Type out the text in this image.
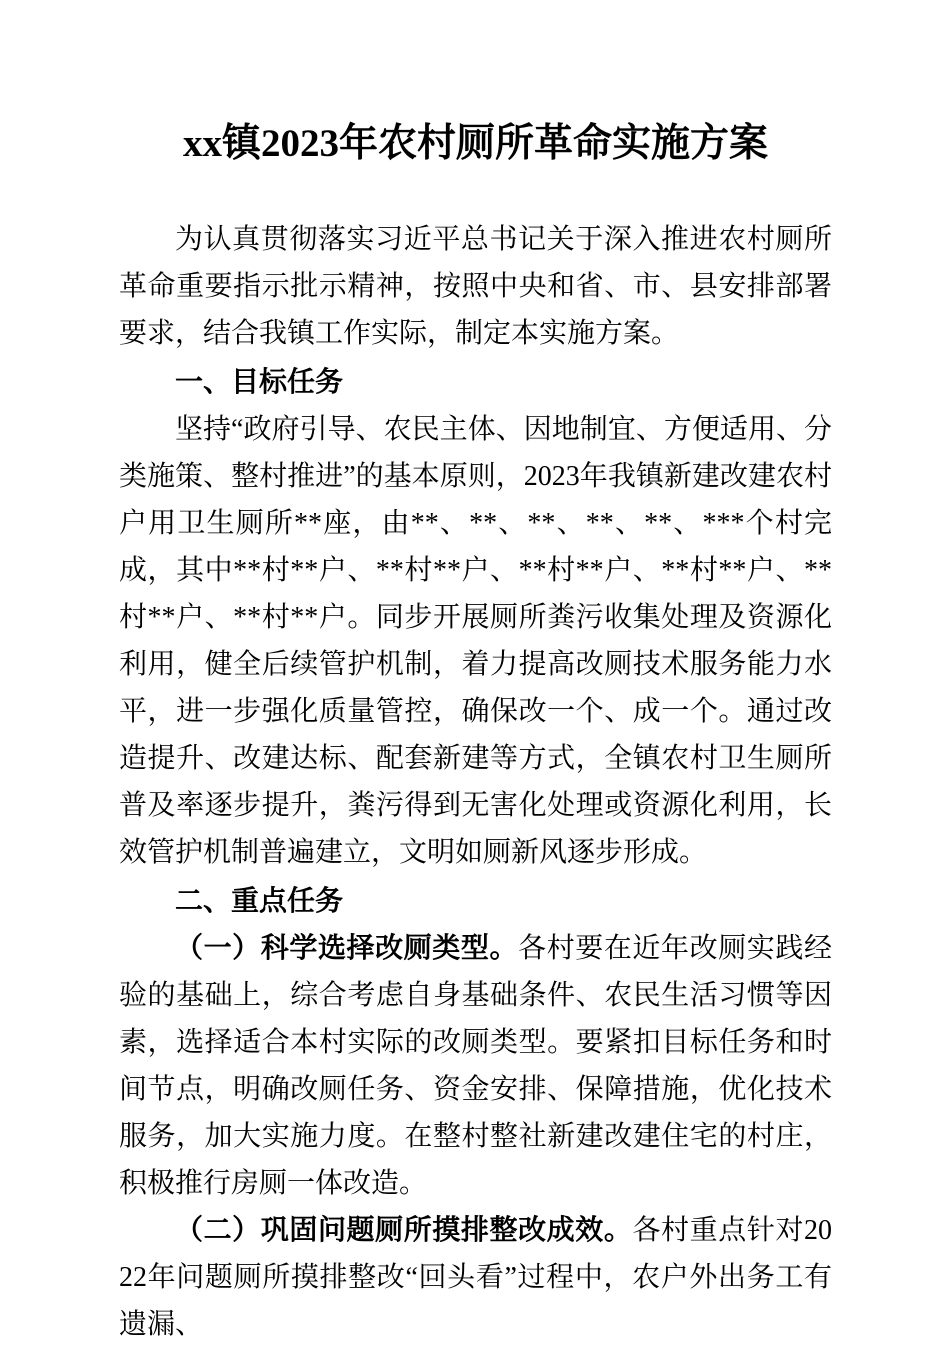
xx镇2023年农村厕所革命实施方案

为认真贯彻落实习近平总书记关于深入推进农村厕所革命重要指示批示精神，按照中央和省、市、县安排部署要求，结合我镇工作实际，制定本实施方案。

一、目标任务

坚持“政府引导、农民主体、因地制宜、方便适用、分类施策、整村推进”的基本原则，2023年我镇新建改建农村户用卫生厕所**座，由**、**、**、**、**、***个村完成，其中**村**户、**村**户、**村**户、**村**户、**村**户、**村**户。同步开展厕所粪污收集处理及资源化利用，健全后续管护机制，着力提高改厕技术服务能力水平，进一步强化质量管控，确保改一个、成一个。通过改造提升、改建达标、配套新建等方式，全镇农村卫生厕所普及率逐步提升，粪污得到无害化处理或资源化利用，长效管护机制普遍建立，文明如厕新风逐步形成。

二、重点任务

（一）科学选择改厕类型。各村要在近年改厕实践经验的基础上，综合考虑自身基础条件、农民生活习惯等因素，选择适合本村实际的改厕类型。要紧扣目标任务和时间节点，明确改厕任务、资金安排、保障措施，优化技术服务，加大实施力度。在整村整社新建改建住宅的村庄，积极推行房厕一体改造。

（二）巩固问题厕所摸排整改成效。各村重点针对2022年问题厕所摸排整改“回头看”过程中，农户外出务工有遗漏、
